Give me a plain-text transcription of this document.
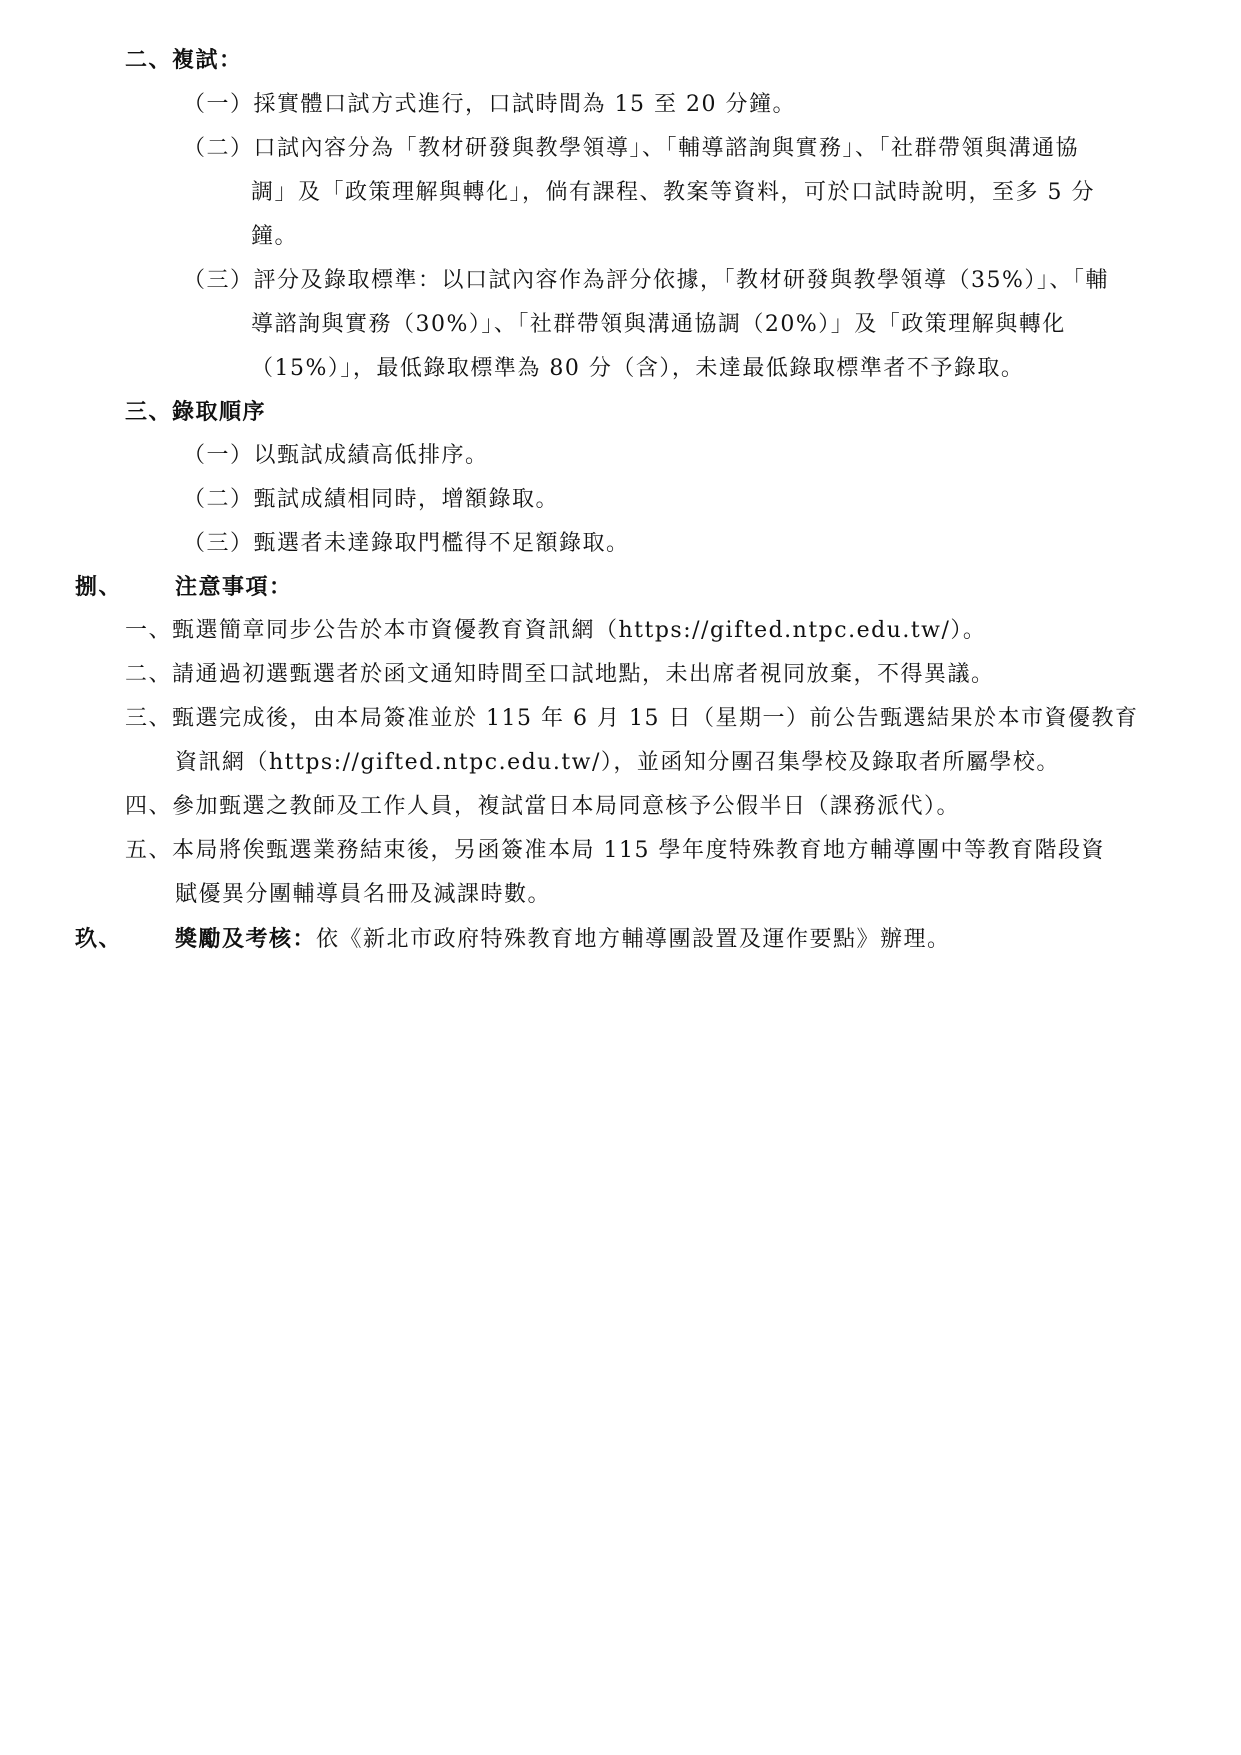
二、複試：
（一）採實體口試方式進行，口試時間為 15 至 20 分鐘。
（二）口試內容分為「教材研發與教學領導」、「輔導諮詢與實務」、「社群帶領與溝通協
調」及「政策理解與轉化」，倘有課程、教案等資料，可於口試時說明，至多 5 分
鐘。
（三）評分及錄取標準：以口試內容作為評分依據，「教材研發與教學領導（35%）」、「輔
導諮詢與實務（30%）」、「社群帶領與溝通協調（20%）」及「政策理解與轉化
（15%）」，最低錄取標準為 80 分（含），未達最低錄取標準者不予錄取。
三、錄取順序
（一）以甄試成績高低排序。
（二）甄試成績相同時，增額錄取。
（三）甄選者未達錄取門檻得不足額錄取。
捌、 注意事項：
一、甄選簡章同步公告於本市資優教育資訊網（https://gifted.ntpc.edu.tw/）。
二、請通過初選甄選者於函文通知時間至口試地點，未出席者視同放棄，不得異議。
三、甄選完成後，由本局簽准並於 115 年 6 月 15 日（星期一）前公告甄選結果於本市資優教育
資訊網（https://gifted.ntpc.edu.tw/），並函知分團召集學校及錄取者所屬學校。
四、參加甄選之教師及工作人員，複試當日本局同意核予公假半日（課務派代）。
五、本局將俟甄選業務結束後，另函簽准本局 115 學年度特殊教育地方輔導團中等教育階段資
賦優異分團輔導員名冊及減課時數。
玖、 獎勵及考核：依《新北市政府特殊教育地方輔導團設置及運作要點》辦理。
